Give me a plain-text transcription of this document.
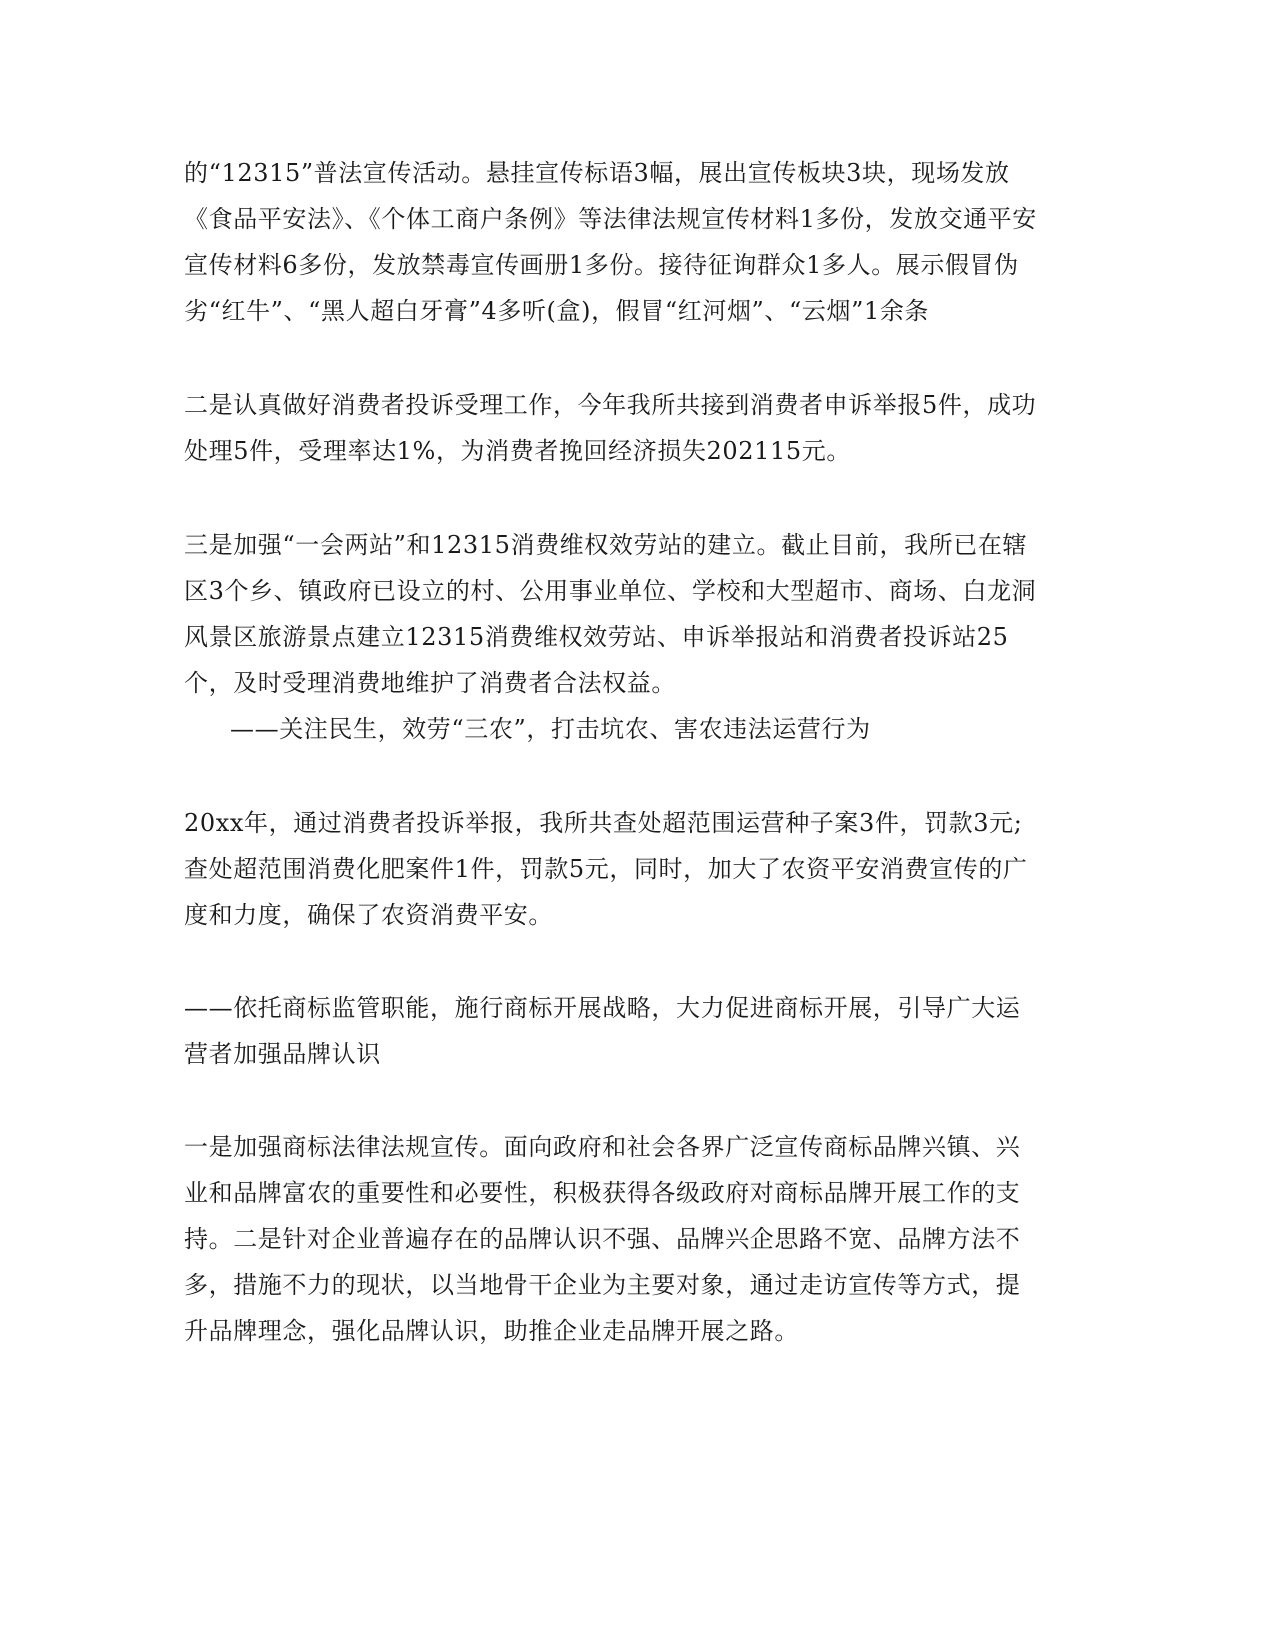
的“12315”普法宣传活动。悬挂宣传标语3幅，展出宣传板块3块，现场发放《食品平安法》、《个体工商户条例》等法律法规宣传材料1多份，发放交通平安宣传材料6多份，发放禁毒宣传画册1多份。接待征询群众1多人。展示假冒伪劣“红牛”、“黑人超白牙膏”4多听(盒)，假冒“红河烟”、“云烟”1余条

二是认真做好消费者投诉受理工作，今年我所共接到消费者申诉举报5件，成功处理5件，受理率达1%，为消费者挽回经济损失202115元。

三是加强“一会两站”和12315消费维权效劳站的建立。截止目前，我所已在辖区3个乡、镇政府已设立的村、公用事业单位、学校和大型超市、商场、白龙洞风景区旅游景点建立12315消费维权效劳站、申诉举报站和消费者投诉站25个，及时受理消费地维护了消费者合法权益。

——关注民生，效劳“三农”，打击坑农、害农违法运营行为

20xx年，通过消费者投诉举报，我所共查处超范围运营种子案3件，罚款3元;查处超范围消费化肥案件1件，罚款5元，同时，加大了农资平安消费宣传的广度和力度，确保了农资消费平安。

——依托商标监管职能，施行商标开展战略，大力促进商标开展，引导广大运营者加强品牌认识

一是加强商标法律法规宣传。面向政府和社会各界广泛宣传商标品牌兴镇、兴业和品牌富农的重要性和必要性，积极获得各级政府对商标品牌开展工作的支持。二是针对企业普遍存在的品牌认识不强、品牌兴企思路不宽、品牌方法不多，措施不力的现状，以当地骨干企业为主要对象，通过走访宣传等方式，提升品牌理念，强化品牌认识，助推企业走品牌开展之路。
